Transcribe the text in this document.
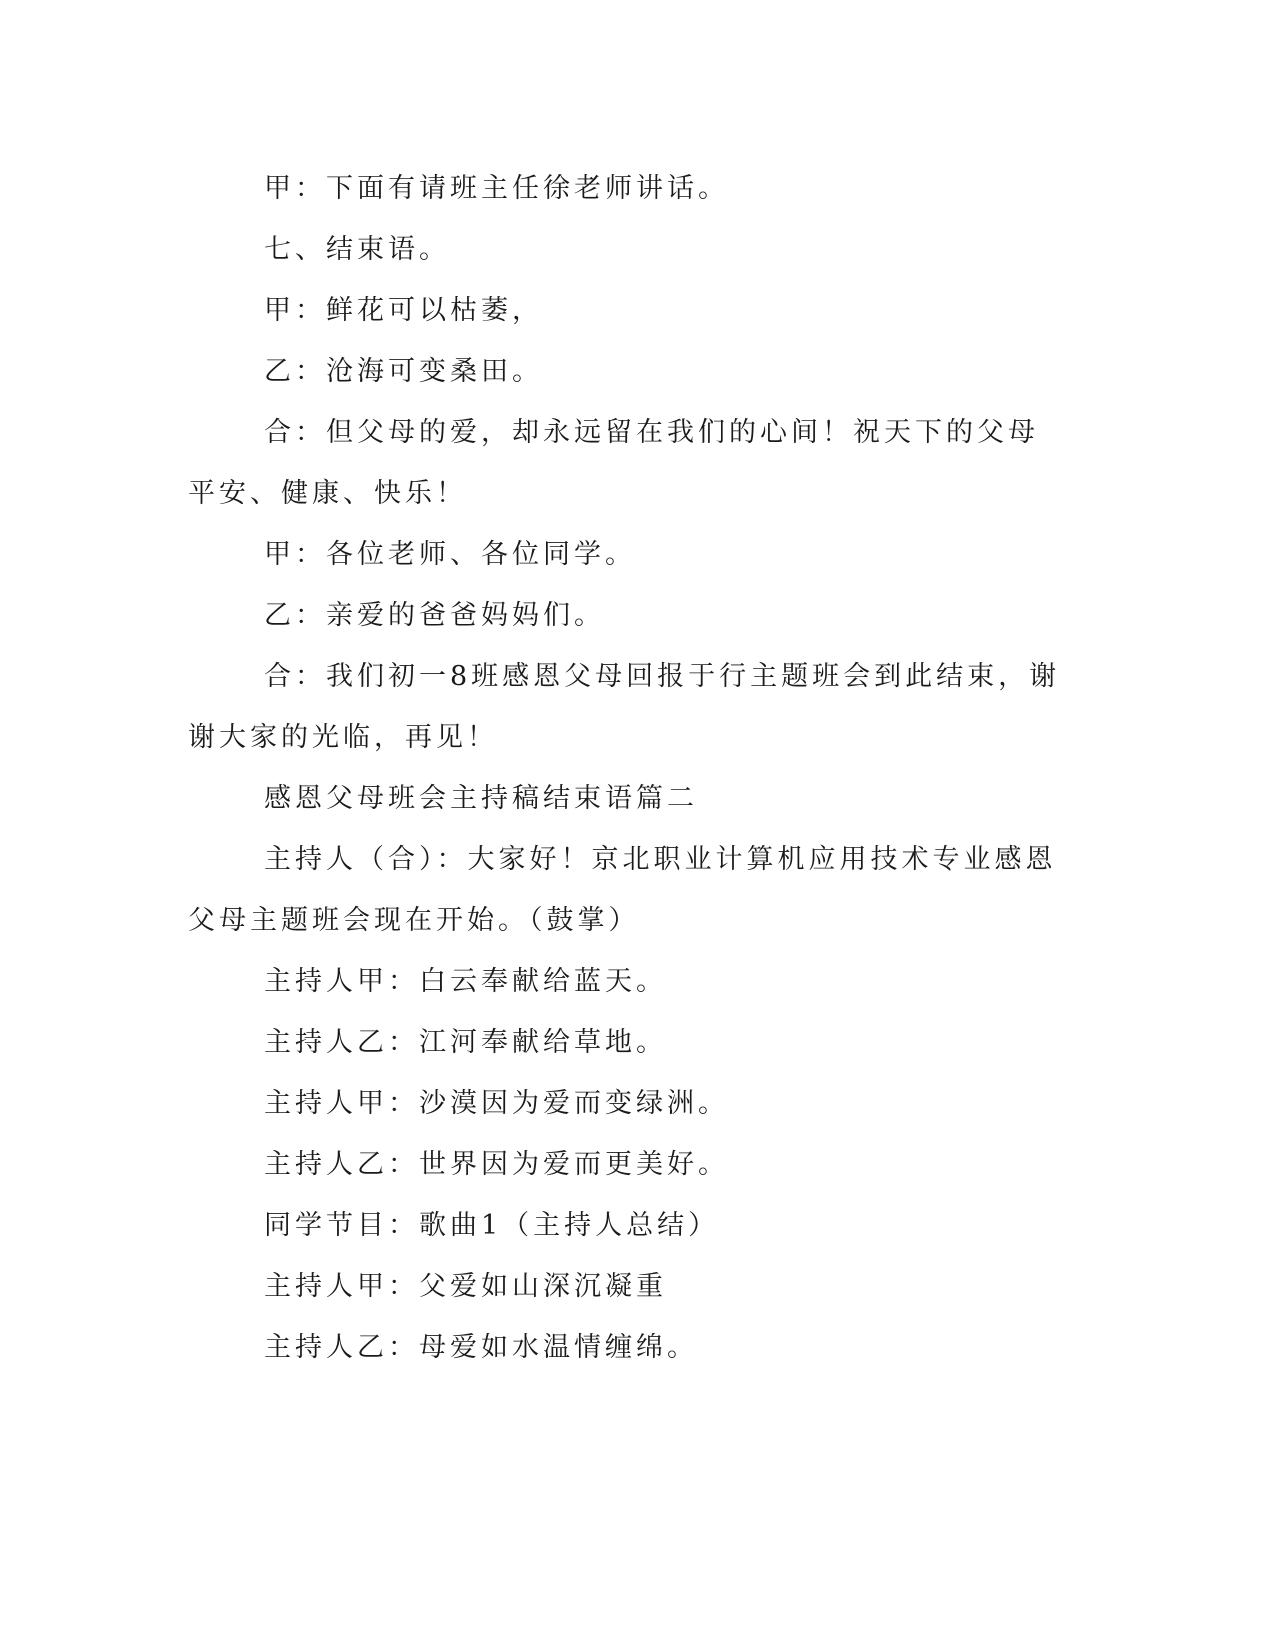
甲：下面有请班主任徐老师讲话。

七、结束语。

甲：鲜花可以枯萎，

乙：沧海可变桑田。

合：但父母的爱，却永远留在我们的心间！祝天下的父母平安、健康、快乐！

甲：各位老师、各位同学。

乙：亲爱的爸爸妈妈们。

合：我们初一8班感恩父母回报于行主题班会到此结束，谢谢大家的光临，再见！

感恩父母班会主持稿结束语篇二

主持人（合）：大家好！京北职业计算机应用技术专业感恩父母主题班会现在开始。（鼓掌）

主持人甲：白云奉献给蓝天。

主持人乙：江河奉献给草地。

主持人甲：沙漠因为爱而变绿洲。

主持人乙：世界因为爱而更美好。

同学节目：歌曲1（主持人总结）

主持人甲：父爱如山深沉凝重

主持人乙：母爱如水温情缠绵。
